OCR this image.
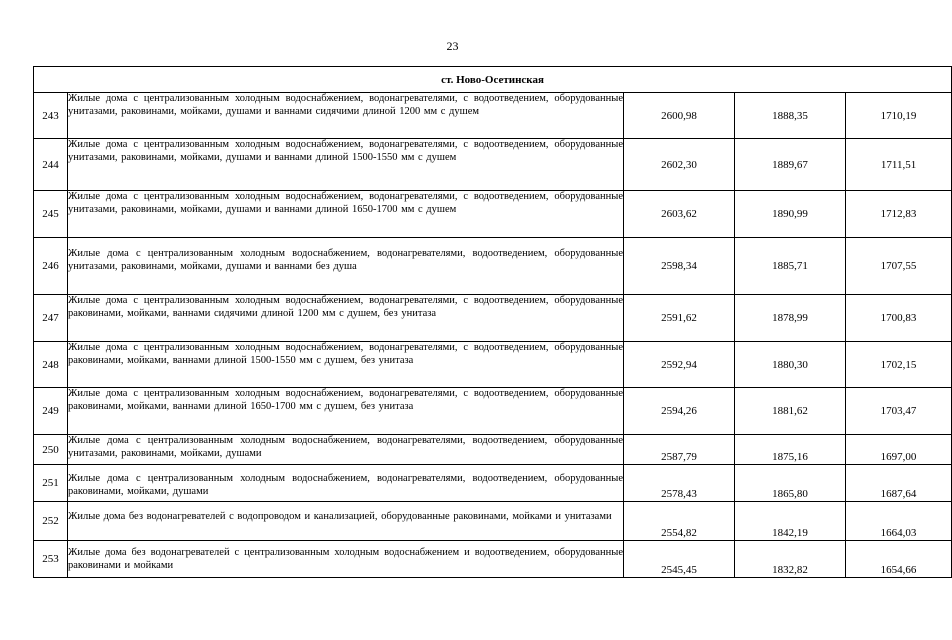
23
ст. Ново-Осетинская				
243	Жилые дома с централизованным холодным водоснабжением, водонагревателями, с водоотведением, оборудованные унитазами, раковинами, мойками, душами и ваннами сидячими длиной 1200 мм с душем	2600,98	1888,35	1710,19
244	Жилые дома с централизованным холодным водоснабжением, водонагревателями, с водоотведением, оборудованные унитазами, раковинами, мойками, душами и ваннами длиной 1500-1550 мм с душем	2602,30	1889,67	1711,51
245	Жилые дома с централизованным холодным водоснабжением, водонагревателями, с водоотведением, оборудованные унитазами, раковинами, мойками, душами и ваннами длиной 1650-1700 мм с душем	2603,62	1890,99	1712,83
246	Жилые дома с централизованным холодным водоснабжением, водонагревателями, водоотведением, оборудованные унитазами, раковинами, мойками, душами и ваннами без душа	2598,34	1885,71	1707,55
247	Жилые дома с централизованным холодным водоснабжением, водонагревателями, с водоотведением, оборудованные раковинами, мойками, ваннами сидячими длиной 1200 мм с душем, без унитаза	2591,62	1878,99	1700,83
248	Жилые дома с централизованным холодным водоснабжением, водонагревателями, с водоотведением, оборудованные раковинами, мойками, ваннами длиной 1500-1550 мм с душем, без унитаза	2592,94	1880,30	1702,15
249	Жилые дома с централизованным холодным водоснабжением, водонагревателями, с водоотведением, оборудованные раковинами, мойками, ваннами длиной 1650-1700 мм с душем, без унитаза	2594,26	1881,62	1703,47
250	Жилые дома с централизованным холодным водоснабжением, водонагревателями, водоотведением, оборудованные унитазами, раковинами, мойками, душами	2587,79	1875,16	1697,00
251	Жилые дома с централизованным холодным водоснабжением, водонагревателями, водоотведением, оборудованные раковинами, мойками, душами	2578,43	1865,80	1687,64
252	Жилые дома без водонагревателей с водопроводом и канализацией, оборудованные раковинами, мойками и унитазами	2554,82	1842,19	1664,03
253	Жилые дома без водонагревателей с централизованным холодным водоснабжением и водоотведением, оборудованные раковинами и мойками	2545,45	1832,82	1654,66
